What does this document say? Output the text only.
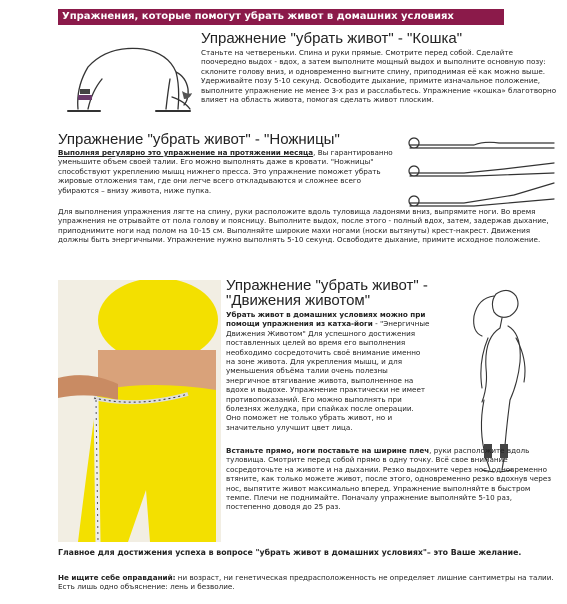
Упражнения, которые помогут убрать живот в домашних условиях
Упражнение "убрать живот" - "Кошка"

Станьте на четвереньки. Спина и руки прямые. Смотрите перед собой. Сделайте поочередно выдох - вдох, а затем выполните мощный выдох и выполните основную позу: склоните голову вниз, и одновременно выгните спину, приподнимая её как можно выше. Удерживайте позу 5-10 секунд. Освободите дыхание, примите изначальное положение, выполните упражнение не менее 3-х раз и расслабьтесь. Упражнение «кошка» благотворно влияет на область живота, помогая сделать живот плоским.

Упражнение "убрать живот" - "Ножницы"

Выполняя регулярно это упражнение на протяжении месяца, Вы гарантированно уменьшите объем своей талии. Его можно выполнять даже в кровати. "Ножницы" способствуют укреплению мышц нижнего пресса. Это упражнение поможет убрать жировые отложения там, где они легче всего откладываются и сложнее всего убираются – внизу живота, ниже пупка.

Для выполнения упражнения лягте на спину, руки расположите вдоль туловища ладонями вниз, выпрямите ноги. Во время упражнения не отрывайте от пола голову и поясницу. Выполните выдох, после этого - полный вдох, затем, задержав дыхание, приподнимите ноги над полом на 10-15 см. Выполняйте широкие махи ногами (носки вытянуты) крест-накрест. Движения должны быть энергичными. Упражнение нужно выполнять 5-10 секунд. Освободите дыхание, примите исходное положение.

Упражнение "убрать живот" -
"Движения животом"

Убрать живот в домашних условиях можно при помощи упражнения из катха-йоги - "Энергичные Движения Животом" Для успешного достижения поставленных целей во время его выполнения необходимо сосредоточить своё внимание именно на зоне живота. Для укрепления мышц, и для уменьшения объёма талии очень полезны энергичное втягивание живота, выполненное на вдохе и выдохе. Упражнение практически не имеет противопоказаний. Его можно выполнять при болезнях желудка, при спайках после операции. Оно поможет не только убрать живот, но и значительно улучшит цвет лица.

Встаньте прямо, ноги поставьте на ширине плеч, руки расположите вдоль туловища. Смотрите перед собой прямо в одну точку. Всё свое внимание сосредоточьте на животе и на дыхании. Резко выдохните через нос, одновременно втяните, как только можете живот, после этого, одновременно резко вдохнув через нос, выпятите живот максимально вперед. Упражнение выполняйте в быстром темпе. Плечи не поднимайте. Поначалу упражнение выполняйте 5-10 раз, постепенно доводя до 25 раз.

Главное для достижения успеха в вопросе "убрать живот в домашних условиях"– это Ваше желание.

Не ищите себе оправданий: ни возраст, ни генетическая предрасположенность не определяет лишние сантиметры на талии. Есть лишь одно объяснение: лень и безволие.
